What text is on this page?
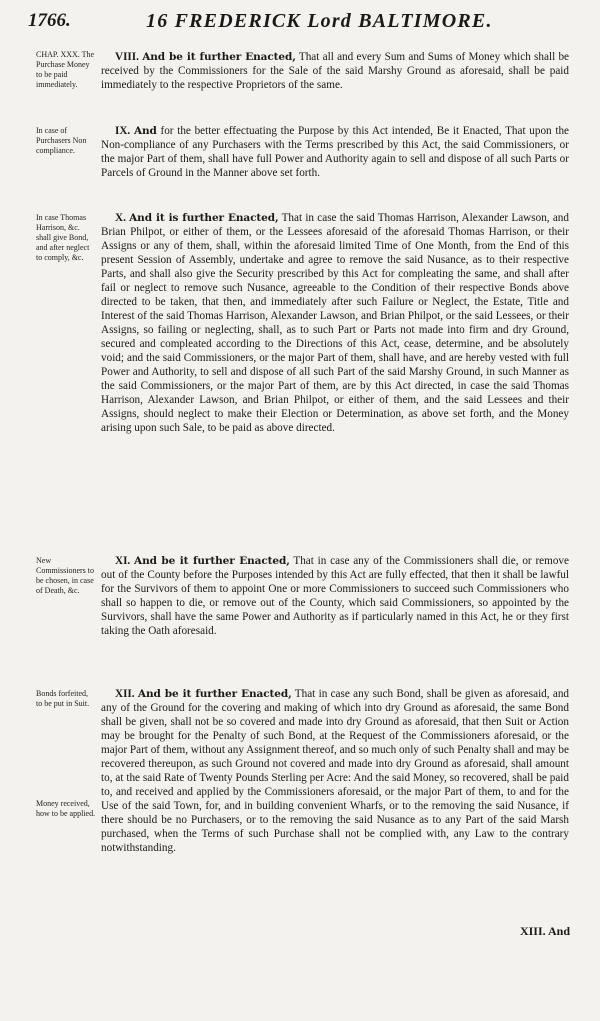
1766.	16 FREDERICK Lord BALTIMORE.
CHAP. XXX. The Purchase Money to be paid immediately.

VIII. And be it further Enacted, That all and every Sum and Sums of Money which shall be received by the Commissioners for the Sale of the said Marshy Ground as aforesaid, shall be paid immediately to the respective Proprietors of the same.

In case of Purchasers Non compliance.

IX. And for the better effectuating the Purpose by this Act intended, Be it Enacted, That upon the Non-compliance of any Purchasers with the Terms prescribed by this Act, the said Commissioners, or the major Part of them, shall have full Power and Authority again to sell and dispose of all such Parts or Parcels of Ground in the Manner above set forth.

In case Thomas Harrison, &c. shall give Bond, and after neglect to comply, &c.

X. And it is further Enacted, That in case the said Thomas Harrison, Alexander Lawson, and Brian Philpot, or either of them, or the Lessees aforesaid of the aforesaid Thomas Harrison, or their Assigns or any of them, shall, within the aforesaid limited Time of One Month, from the End of this present Session of Assembly, undertake and agree to remove the said Nusance, as to their respective Parts, and shall also give the Security prescribed by this Act for compleating the same, and shall after fail or neglect to remove such Nusance, agreeable to the Condition of their respective Bonds above directed to be taken, that then, and immediately after such Failure or Neglect, the Estate, Title and Interest of the said Thomas Harrison, Alexander Lawson, and Brian Philpot, or the said Lessees, or their Assigns, so failing or neglecting, shall, as to such Part or Parts not made into firm and dry Ground, secured and compleated according to the Directions of this Act, cease, determine, and be absolutely void; and the said Commissioners, or the major Part of them, shall have, and are hereby vested with full Power and Authority, to sell and dispose of all such Part of the said Marshy Ground, in such Manner as the said Commissioners, or the major Part of them, are by this Act directed, in case the said Thomas Harrison, Alexander Lawson, and Brian Philpot, or either of them, and the said Lessees and their Assigns, should neglect to make their Election or Determination, as above set forth, and the Money arising upon such Sale, to be paid as above directed.

New Commissioners to be chosen, in case of Death, &c.

XI. And be it further Enacted, That in case any of the Commissioners shall die, or remove out of the County before the Purposes intended by this Act are fully effected, that then it shall be lawful for the Survivors of them to appoint One or more Commissioners to succeed such Commissioners who shall so happen to die, or remove out of the County, which said Commissioners, so appointed by the Survivors, shall have the same Power and Authority as if particularly named in this Act, he or they first taking the Oath aforesaid.

Bonds forfeited, to be put in Suit.
Money received, how to be applied.

XII. And be it further Enacted, That in case any such Bond, shall be given as aforesaid, and any of the Ground for the covering and making of which into dry Ground as aforesaid, the same Bond shall be given, shall not be so covered and made into dry Ground as aforesaid, that then Suit or Action may be brought for the Penalty of such Bond, at the Request of the Commissioners aforesaid, or the major Part of them, without any Assignment thereof, and so much only of such Penalty shall and may be recovered thereupon, as such Ground not covered and made into dry Ground as aforesaid, shall amount to, at the said Rate of Twenty Pounds Sterling per Acre: And the said Money, so recovered, shall be paid to, and received and applied by the Commissioners aforesaid, or the major Part of them, to and for the Use of the said Town, for, and in building convenient Wharfs, or to the removing the said Nusance, if there should be no Purchasers, or to the removing the said Nusance as to any Part of the said Marsh purchased, when the Terms of such Purchase shall not be complied with, any Law to the contrary notwithstanding.

XIII. And
